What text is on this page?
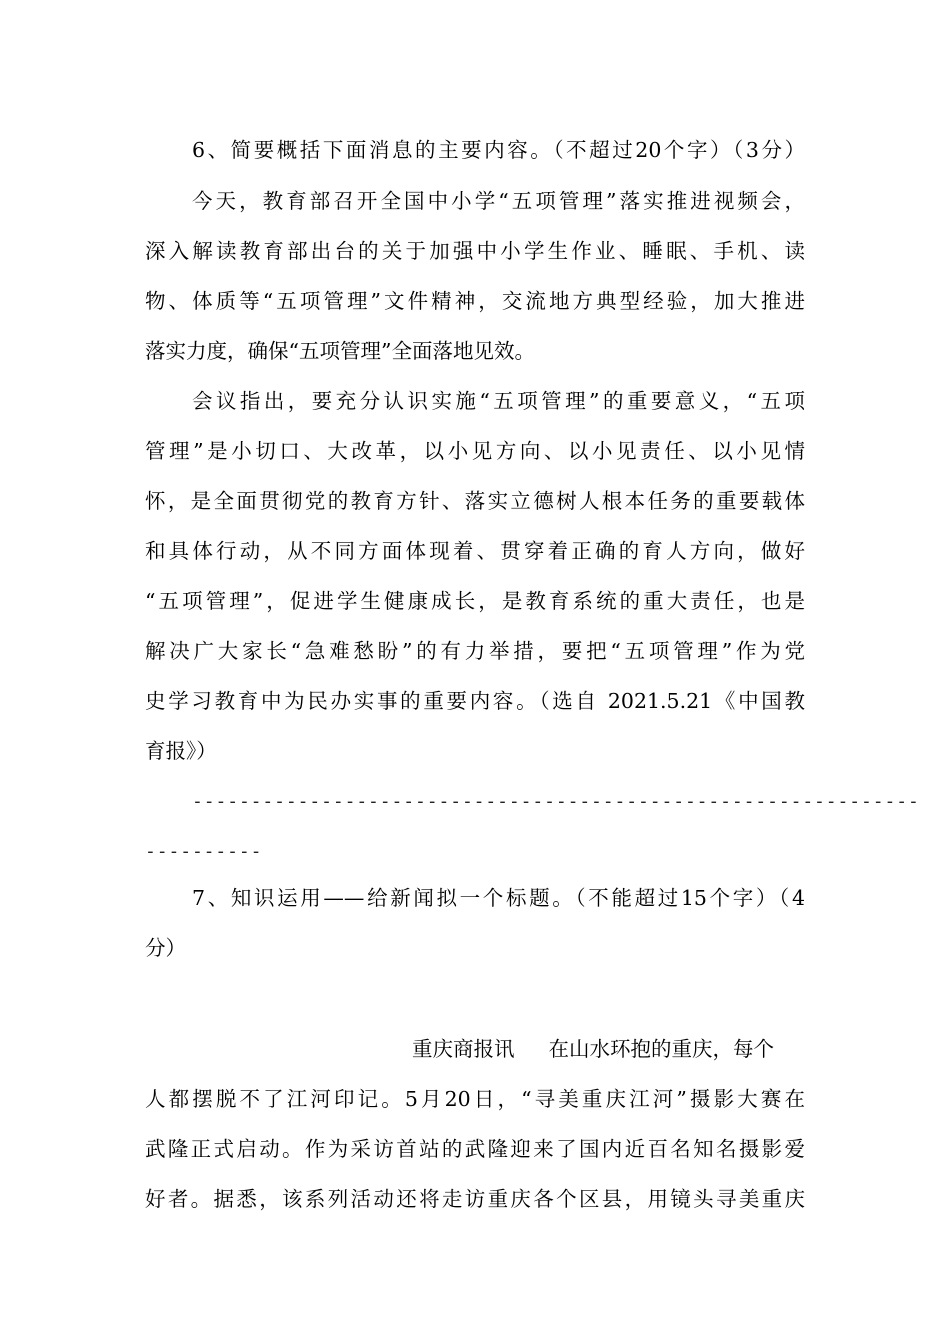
6、简要概括下面消息的主要内容。（不超过20个字）（3分）
今天，教育部召开全国中小学“五项管理”落实推进视频会，
深入解读教育部出台的关于加强中小学生作业、睡眠、手机、读
物、体质等“五项管理”文件精神，交流地方典型经验，加大推进
落实力度，确保“五项管理”全面落地见效。
会议指出，要充分认识实施“五项管理”的重要意义，“五项
管理”是小切口、大改革，以小见方向、以小见责任、以小见情
怀，是全面贯彻党的教育方针、落实立德树人根本任务的重要载体
和具体行动，从不同方面体现着、贯穿着正确的育人方向，做好
“五项管理”，促进学生健康成长，是教育系统的重大责任，也是
解决广大家长“急难愁盼”的有力举措，要把“五项管理”作为党
史学习教育中为民办实事的重要内容。（选自 2021.5.21《中国教
育报》）
--------------------------------------------------------------
----------
7、知识运用——给新闻拟一个标题。（不能超过15个字）（4
分）
重庆商报讯 在山水环抱的重庆，每个
人都摆脱不了江河印记。5月20日，“寻美重庆江河”摄影大赛在
武隆正式启动。作为采访首站的武隆迎来了国内近百名知名摄影爱
好者。据悉，该系列活动还将走访重庆各个区县，用镜头寻美重庆
